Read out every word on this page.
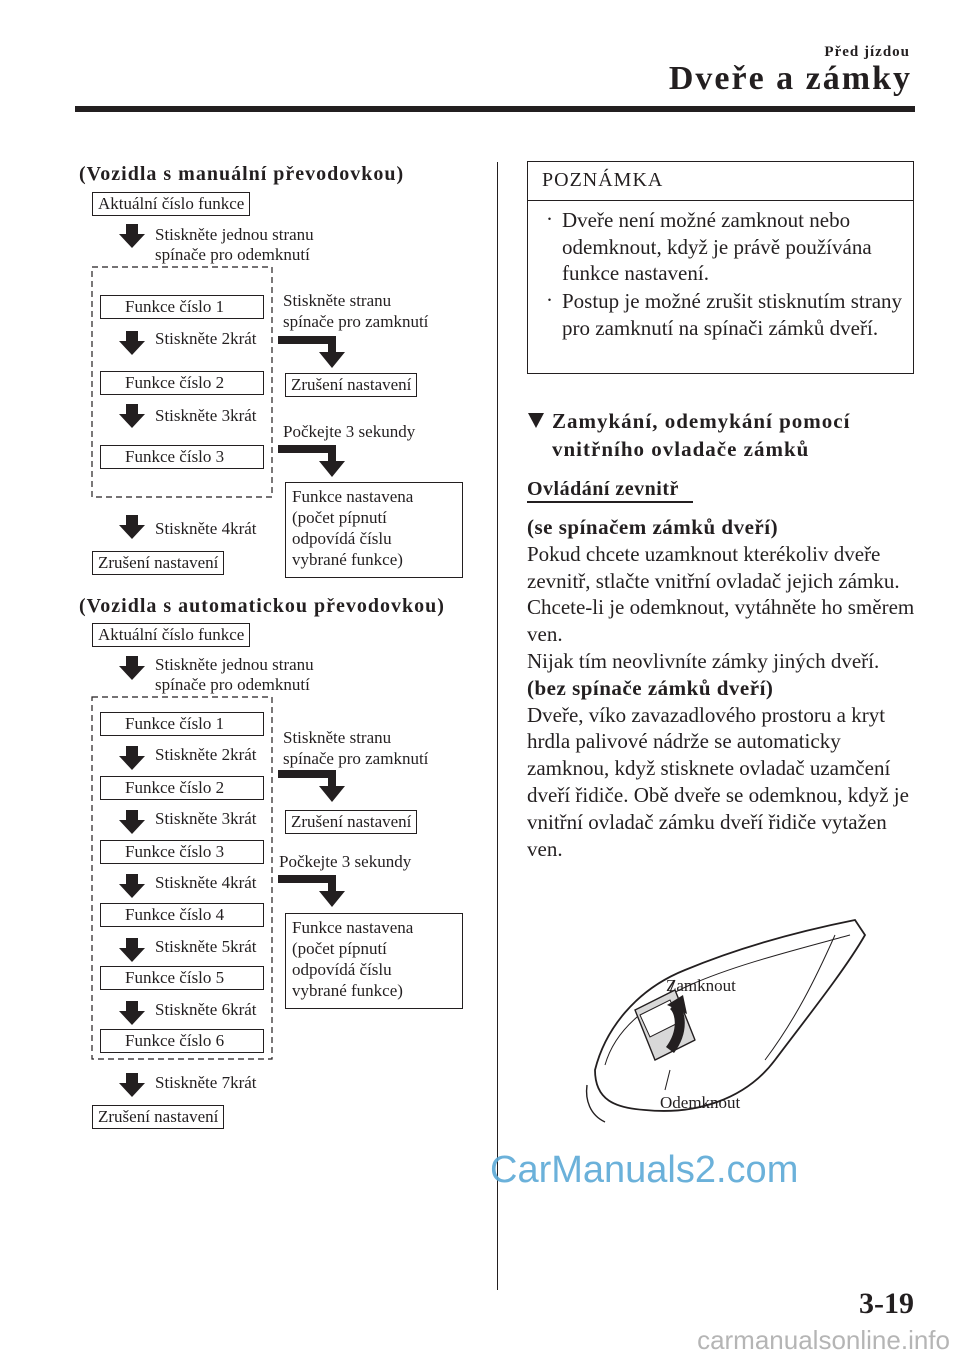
Před jízdou
Dveře a zámky
(Vozidla s manuální převodovkou)
Aktuální číslo funkce
Stiskněte jednou stranu
spínače pro odemknutí
Funkce číslo 1
Stiskněte 2krát
Funkce číslo 2
Stiskněte 3krát
Funkce číslo 3
Stiskněte 4krát
Zrušení nastavení
Stiskněte stranu
spínače pro zamknutí
Zrušení nastavení
Počkejte 3 sekundy
Funkce nastavena
(počet pípnutí
odpovídá číslu
vybrané funkce)
(Vozidla s automatickou převodovkou)
Aktuální číslo funkce
Stiskněte jednou stranu
spínače pro odemknutí
Funkce číslo 1
Stiskněte 2krát
Funkce číslo 2
Stiskněte 3krát
Funkce číslo 3
Stiskněte 4krát
Funkce číslo 4
Stiskněte 5krát
Funkce číslo 5
Stiskněte 6krát
Funkce číslo 6
Stiskněte 7krát
Zrušení nastavení
Stiskněte stranu
spínače pro zamknutí
Zrušení nastavení
Počkejte 3 sekundy
Funkce nastavena
(počet pípnutí
odpovídá číslu
vybrané funkce)
POZNÁMKA
· Dveře není možné zamknout nebo odemknout, když je právě používána funkce nastavení.
· Postup je možné zrušit stisknutím strany pro zamknutí na spínači zámků dveří.
Zamykání, odemykání pomocí vnitřního ovladače zámků
Ovládání zevnitř
(se spínačem zámků dveří)
Pokud chcete uzamknout kterékoliv dveře zevnitř, stlačte vnitřní ovladač jejich zámku.
Chcete-li je odemknout, vytáhněte ho směrem ven.
Nijak tím neovlivníte zámky jiných dveří.
(bez spínače zámků dveří)
Dveře, víko zavazadlového prostoru a kryt hrdla palivové nádrže se automaticky zamknou, když stisknete ovladač uzamčení dveří řidiče. Obě dveře se odemknou, když je vnitřní ovladač zámku dveří řidiče vytažen ven.
Zamknout
Odemknout
CarManuals2.com
3-19
carmanualsonline.info
